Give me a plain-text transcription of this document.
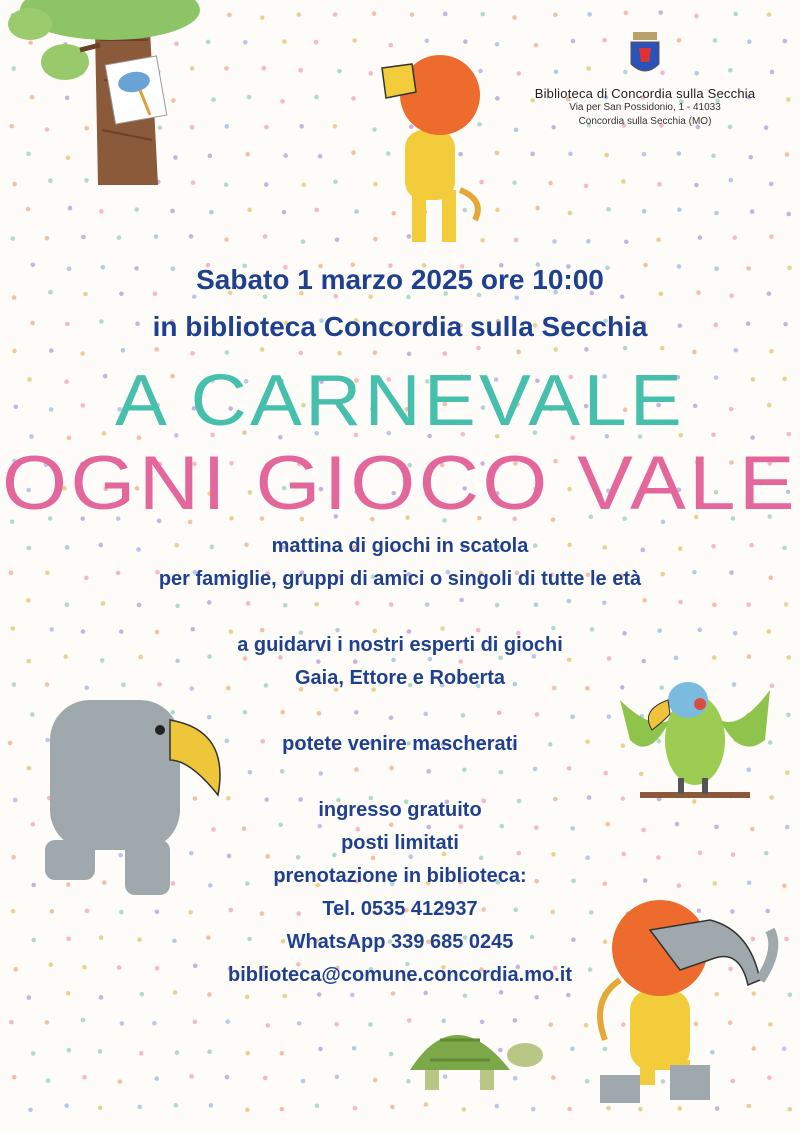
Biblioteca di Concordia sulla Secchia
Via per San Possidonio, 1 - 41033
Concordia sulla Secchia (MO)
Sabato 1 marzo 2025 ore 10:00
in biblioteca Concordia sulla Secchia
A CARNEVALE
OGNI GIOCO VALE
mattina di giochi in scatola
per famiglie, gruppi di amici o singoli di tutte le età
a guidarvi i nostri esperti di giochi
Gaia, Ettore e Roberta
potete venire mascherati
ingresso gratuito
posti limitati
prenotazione in biblioteca:
Tel. 0535 412937
WhatsApp 339 685 0245
biblioteca@comune.concordia.mo.it
